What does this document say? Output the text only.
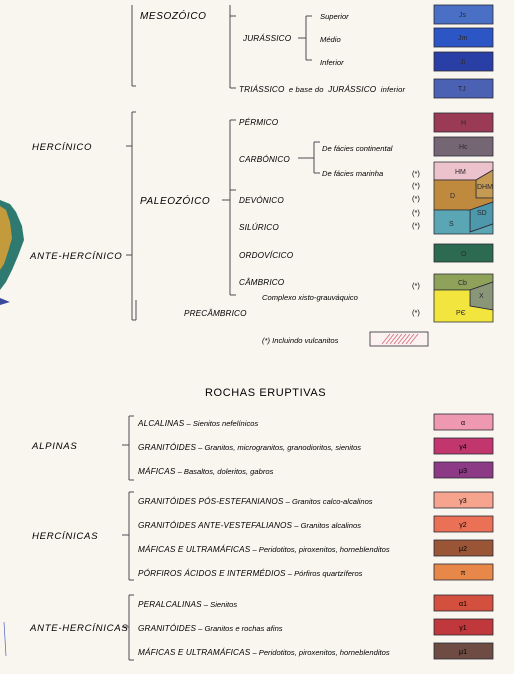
MESOZÓICO
JURÁSSICO
Superior
Médio
Inferior
TRIÁSSICO e base do JURÁSSICO inferior
HERCÍNICO
ANTE-HERCÍNICO
PALEOZÓICO
PÉRMICO
CARBÓNICO
De fácies continental
De fácies marinha
DEVÓNICO
SILÚRICO
ORDOVÍCICO
CÂMBRICO
Complexo xisto-grauváquico
PRECÂMBRICO
(*)
(*)
(*)
(*)
(*)
(*)
(*)
(*) Incluindo vulcanitos
Js
Jm
Ji
TJ
H
Hc
HM
DHM
D
SD
S
O
Cb
X
PЄ
ROCHAS ERUPTIVAS
ALPINAS
HERCÍNICAS
ANTE-HERCÍNICAS
ALCALINAS – Sienitos nefelínicos	α
GRANITÓIDES – Granitos, microgranitos, granodioritos, sienitos	γ4
MÁFICAS – Basaltos, doleritos, gabros	μ3
GRANITÓIDES PÓS-ESTEFANIANOS – Granitos calco-alcalinos	γ3
GRANITÓIDES ANTE-VESTEFALIANOS – Granitos alcalinos	γ2
MÁFICAS E ULTRAMÁFICAS – Peridotitos, piroxenitos, horneblenditos	μ2
PÓRFIROS ÁCIDOS E INTERMÉDIOS – Pórfiros quartzíferos	π
PERALCALINAS – Sienitos	α1
GRANITÓIDES – Granitos e rochas afins	γ1
MÁFICAS E ULTRAMÁFICAS – Peridotitos, piroxenitos, horneblenditos	μ1
